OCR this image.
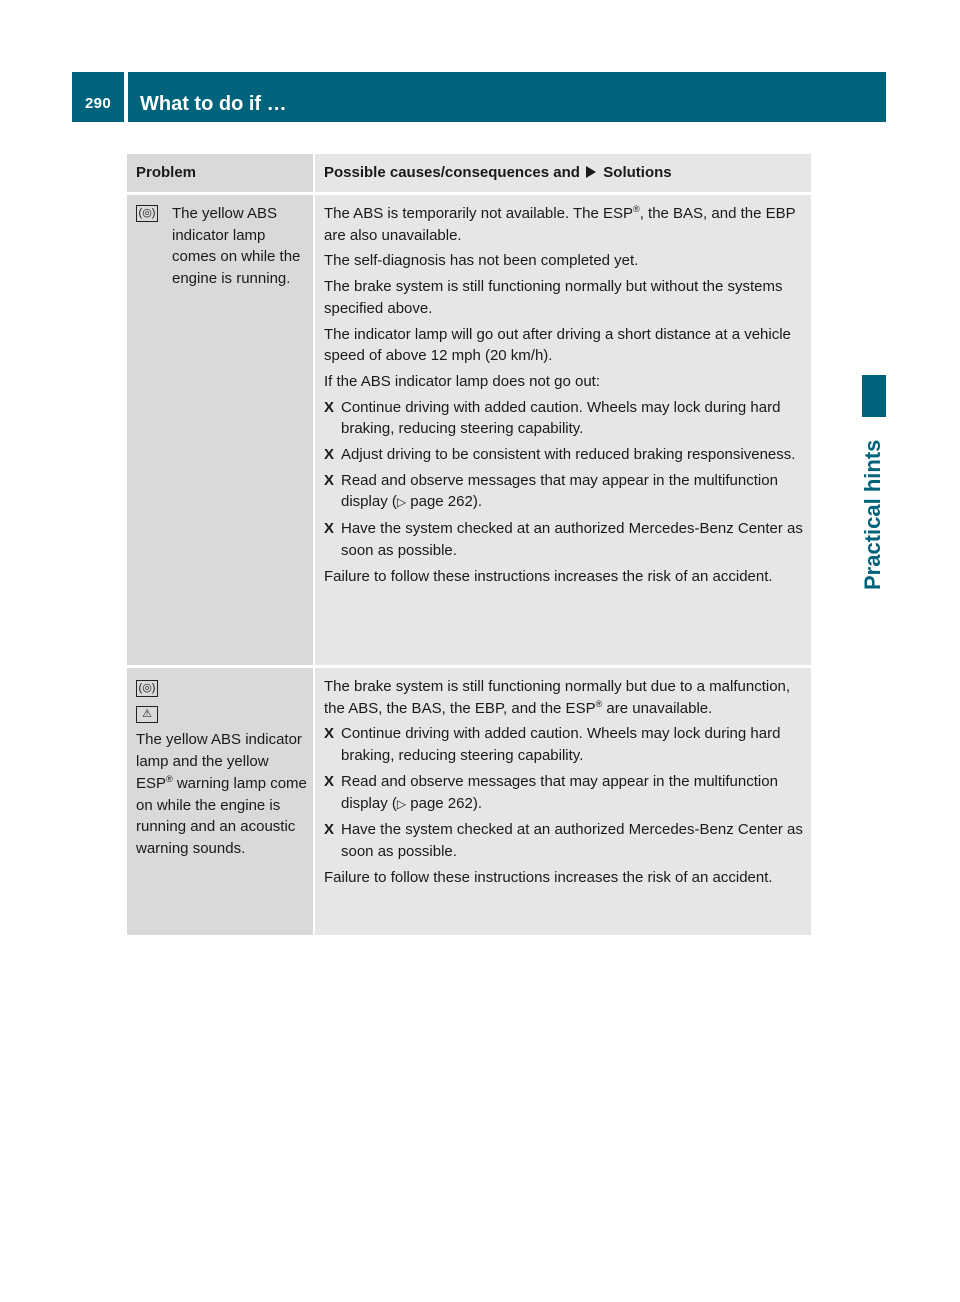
290	What to do if …
Practical hints
Problem	Possible causes/consequences and Solutions
( ◎ ) The yellow ABS indicator lamp comes on while the engine is running.

The ABS is temporarily not available. The ESP®, the BAS, and the EBP are also unavailable.

The self-diagnosis has not been completed yet.

The brake system is still functioning normally but without the systems specified above.

The indicator lamp will go out after driving a short distance at a vehicle speed of above 12 mph (20 km/h).

If the ABS indicator lamp does not go out:

X Continue driving with added caution. Wheels may lock during hard braking, reducing steering capability.
X Adjust driving to be consistent with reduced braking responsiveness.
X Read and observe messages that may appear in the multifunction display (▷ page 262).
X Have the system checked at an authorized Mercedes-Benz Center as soon as possible.

Failure to follow these instructions increases the risk of an accident.

( ◎ )
⚠
The yellow ABS indicator lamp and the yellow ESP® warning lamp come on while the engine is running and an acoustic warning sounds.

The brake system is still functioning normally but due to a malfunction, the ABS, the BAS, the EBP, and the ESP® are unavailable.

X Continue driving with added caution. Wheels may lock during hard braking, reducing steering capability.
X Read and observe messages that may appear in the multifunction display (▷ page 262).
X Have the system checked at an authorized Mercedes-Benz Center as soon as possible.

Failure to follow these instructions increases the risk of an accident.
